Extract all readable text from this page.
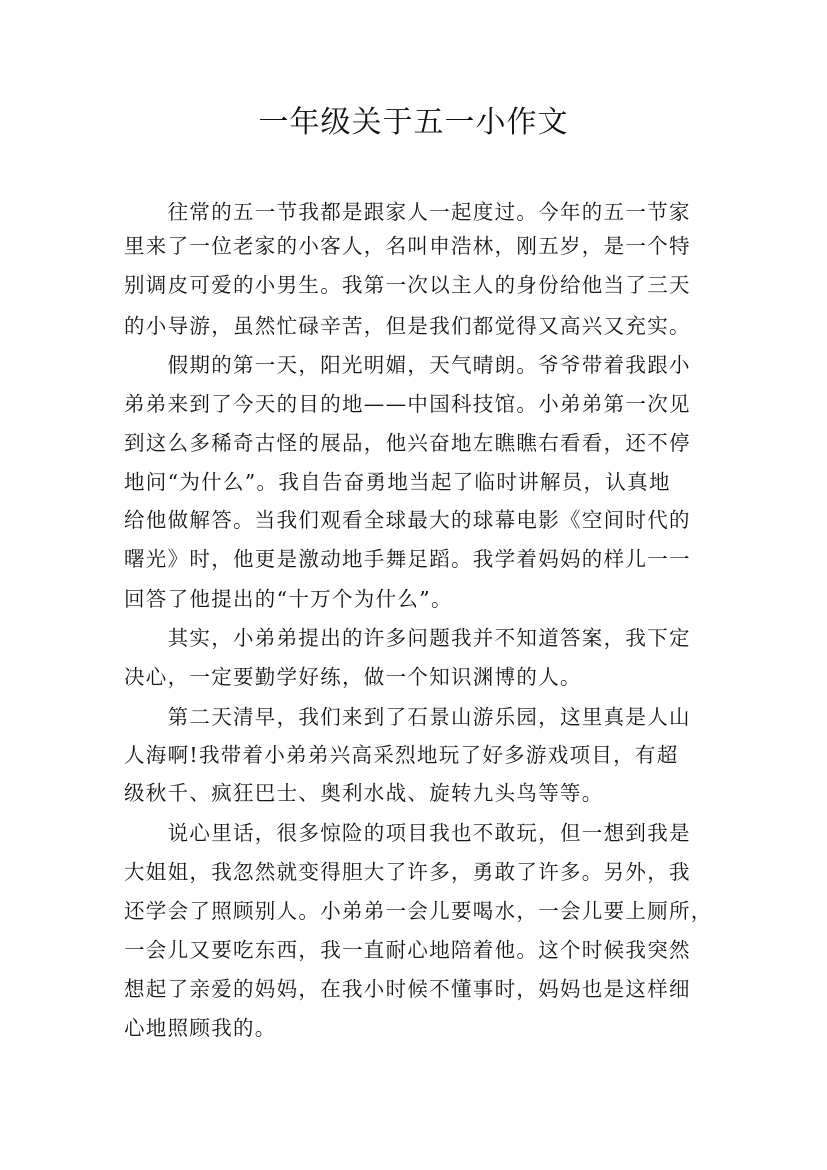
一年级关于五一小作文
　　往常的五一节我都是跟家人一起度过。今年的五一节家
里来了一位老家的小客人，名叫申浩林，刚五岁，是一个特
别调皮可爱的小男生。我第一次以主人的身份给他当了三天
的小导游，虽然忙碌辛苦，但是我们都觉得又高兴又充实。
　　假期的第一天，阳光明媚，天气晴朗。爷爷带着我跟小
弟弟来到了今天的目的地——中国科技馆。小弟弟第一次见
到这么多稀奇古怪的展品，他兴奋地左瞧瞧右看看，还不停
地问“为什么”。我自告奋勇地当起了临时讲解员，认真地
给他做解答。当我们观看全球最大的球幕电影《空间时代的
曙光》时，他更是激动地手舞足蹈。我学着妈妈的样儿一一
回答了他提出的“十万个为什么”。
　　其实，小弟弟提出的许多问题我并不知道答案，我下定
决心，一定要勤学好练，做一个知识渊博的人。
　　第二天清早，我们来到了石景山游乐园，这里真是人山
人海啊!我带着小弟弟兴高采烈地玩了好多游戏项目，有超
级秋千、疯狂巴士、奥利水战、旋转九头鸟等等。
　　说心里话，很多惊险的项目我也不敢玩，但一想到我是
大姐姐，我忽然就变得胆大了许多，勇敢了许多。另外，我
还学会了照顾别人。小弟弟一会儿要喝水，一会儿要上厕所，
一会儿又要吃东西，我一直耐心地陪着他。这个时候我突然
想起了亲爱的妈妈，在我小时候不懂事时，妈妈也是这样细
心地照顾我的。
